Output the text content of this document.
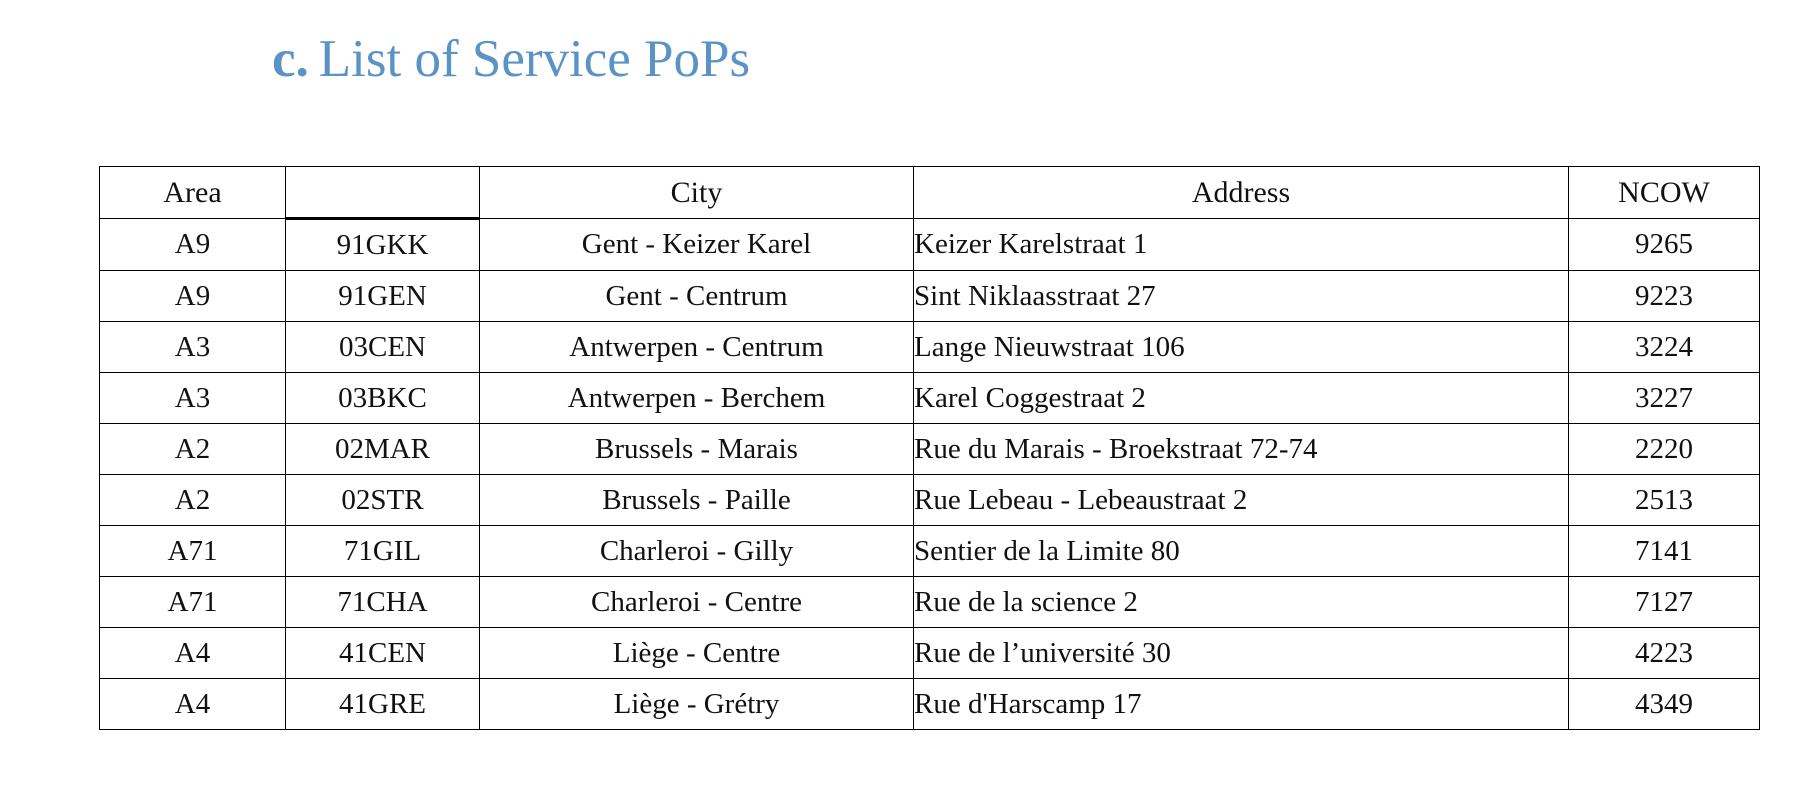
c. List of Service PoPs
Area		City	Address	NCOW
A9	91GKK	Gent - Keizer Karel	Keizer Karelstraat 1	9265
A9	91GEN	Gent - Centrum	Sint Niklaasstraat 27	9223
A3	03CEN	Antwerpen - Centrum	Lange Nieuwstraat 106	3224
A3	03BKC	Antwerpen - Berchem	Karel Coggestraat 2	3227
A2	02MAR	Brussels - Marais	Rue du Marais - Broekstraat 72-74	2220
A2	02STR	Brussels - Paille	Rue Lebeau - Lebeaustraat 2	2513
A71	71GIL	Charleroi - Gilly	Sentier de la Limite 80	7141
A71	71CHA	Charleroi - Centre	Rue de la science 2	7127
A4	41CEN	Liège - Centre	Rue de l’université 30	4223
A4	41GRE	Liège - Grétry	Rue d'Harscamp 17	4349
